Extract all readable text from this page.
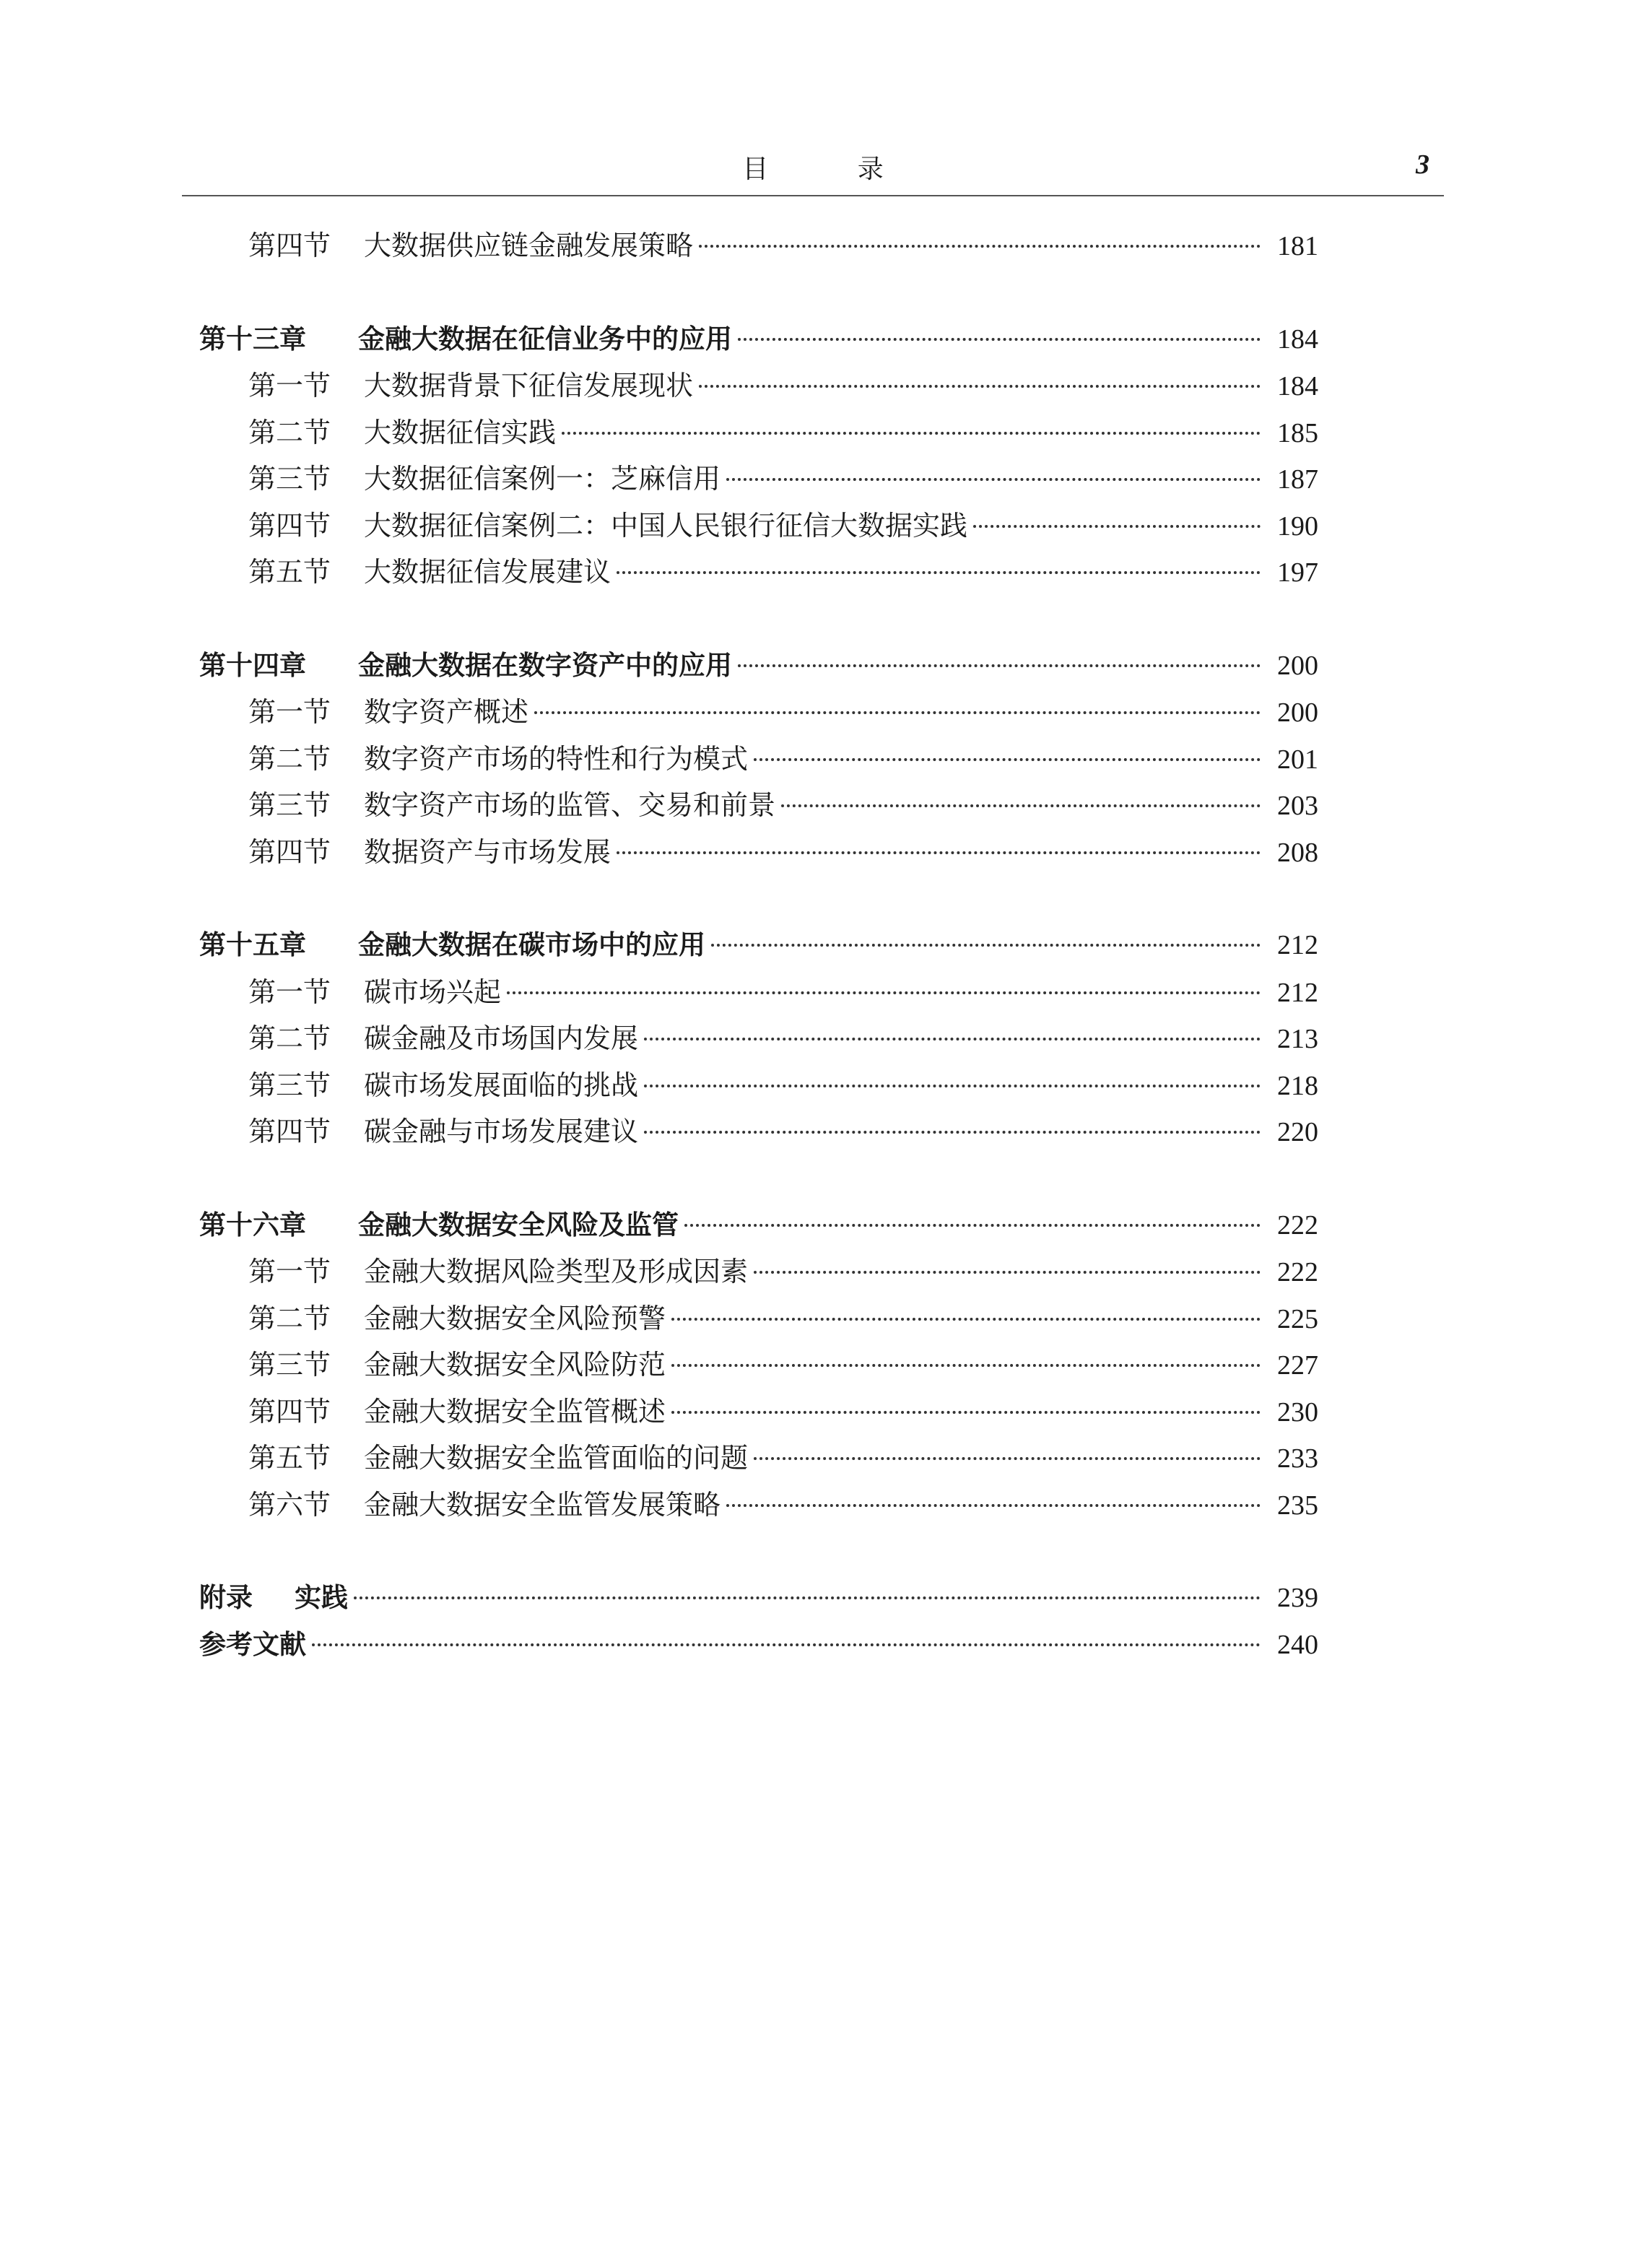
目 录	3
第四节	大数据供应链金融发展策略	181
第十三章	金融大数据在征信业务中的应用	184
第一节	大数据背景下征信发展现状	184
第二节	大数据征信实践	185
第三节	大数据征信案例一：芝麻信用	187
第四节	大数据征信案例二：中国人民银行征信大数据实践	190
第五节	大数据征信发展建议	197
第十四章	金融大数据在数字资产中的应用	200
第一节	数字资产概述	200
第二节	数字资产市场的特性和行为模式	201
第三节	数字资产市场的监管、交易和前景	203
第四节	数据资产与市场发展	208
第十五章	金融大数据在碳市场中的应用	212
第一节	碳市场兴起	212
第二节	碳金融及市场国内发展	213
第三节	碳市场发展面临的挑战	218
第四节	碳金融与市场发展建议	220
第十六章	金融大数据安全风险及监管	222
第一节	金融大数据风险类型及形成因素	222
第二节	金融大数据安全风险预警	225
第三节	金融大数据安全风险防范	227
第四节	金融大数据安全监管概述	230
第五节	金融大数据安全监管面临的问题	233
第六节	金融大数据安全监管发展策略	235
附录	实践	239
参考文献	240
